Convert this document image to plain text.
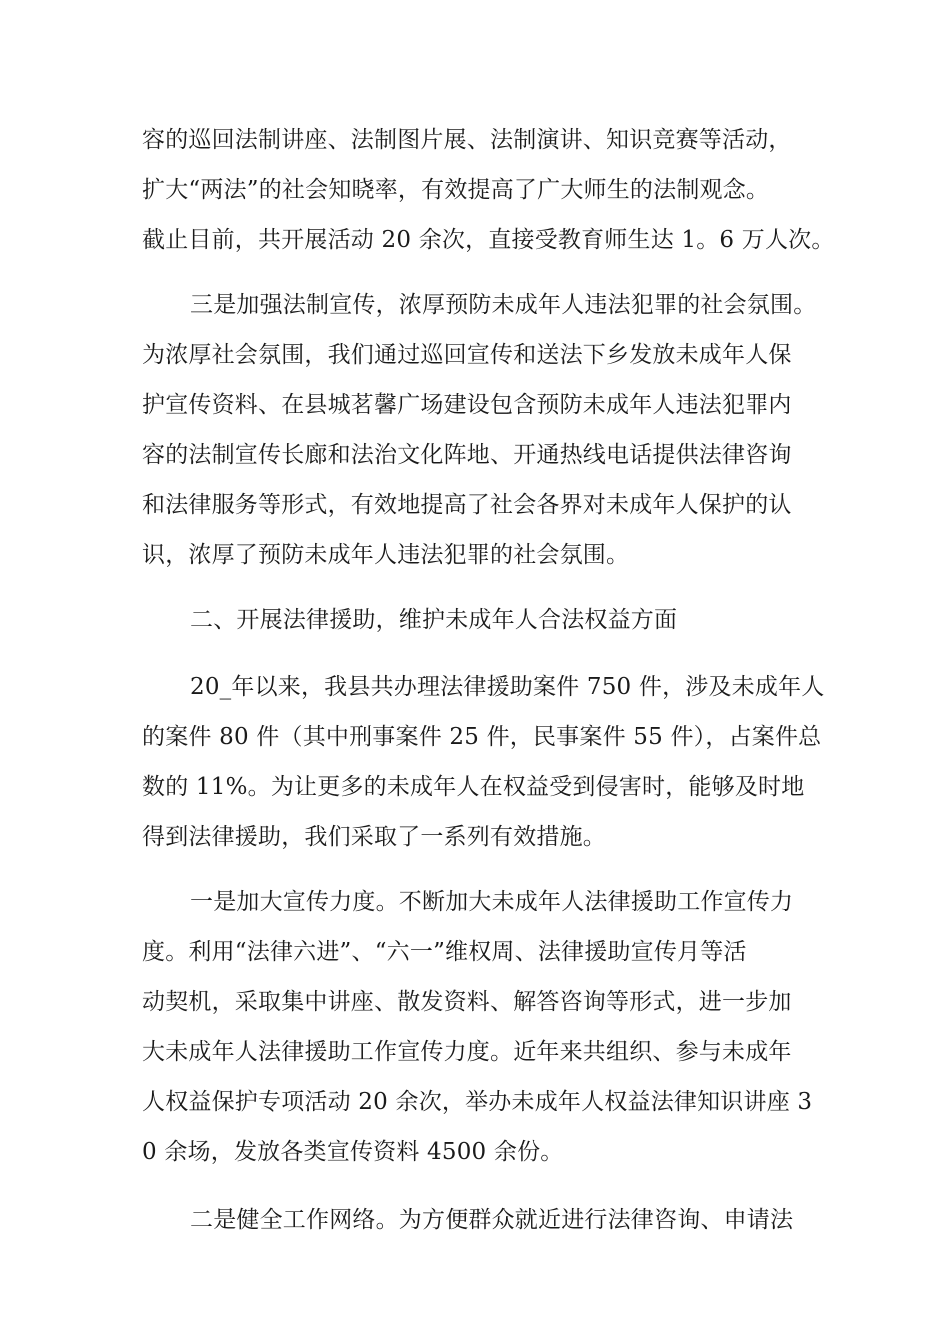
容的巡回法制讲座、法制图片展、法制演讲、知识竞赛等活动，
扩大“两法”的社会知晓率，有效提高了广大师生的法制观念。
截止目前，共开展活动 20 余次，直接受教育师生达 1。6 万人次。
三是加强法制宣传，浓厚预防未成年人违法犯罪的社会氛围。
为浓厚社会氛围，我们通过巡回宣传和送法下乡发放未成年人保
护宣传资料、在县城茗馨广场建设包含预防未成年人违法犯罪内
容的法制宣传长廊和法治文化阵地、开通热线电话提供法律咨询
和法律服务等形式，有效地提高了社会各界对未成年人保护的认
识，浓厚了预防未成年人违法犯罪的社会氛围。
二、开展法律援助，维护未成年人合法权益方面
20_年以来，我县共办理法律援助案件 750 件，涉及未成年人
的案件 80 件（其中刑事案件 25 件，民事案件 55 件），占案件总
数的 11%。为让更多的未成年人在权益受到侵害时，能够及时地
得到法律援助，我们采取了一系列有效措施。
一是加大宣传力度。不断加大未成年人法律援助工作宣传力
度。利用“法律六进”、“六一”维权周、法律援助宣传月等活
动契机，采取集中讲座、散发资料、解答咨询等形式，进一步加
大未成年人法律援助工作宣传力度。近年来共组织、参与未成年
人权益保护专项活动 20 余次，举办未成年人权益法律知识讲座 3
0 余场，发放各类宣传资料 4500 余份。
二是健全工作网络。为方便群众就近进行法律咨询、申请法
